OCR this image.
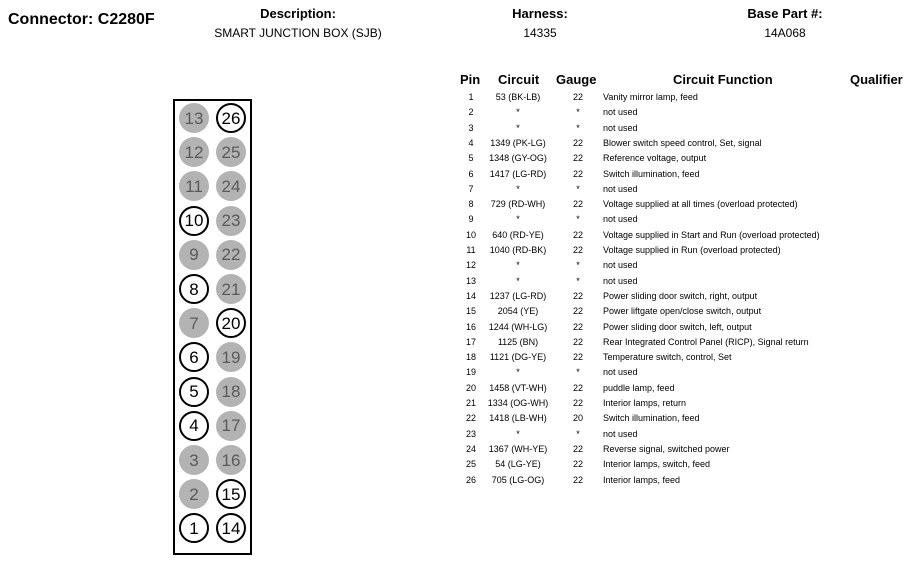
Connector: C2280F	Description:
SMART JUNCTION BOX (SJB)
Harness:
14335
Base Part #:
14A068
13
12
11
10
9
8
7
6
5
4
3
2
1
26
25
24
23
22
21
20
19
18
17
16
15
14
Pin Circuit Gauge	Circuit Function	Qualifier
1	53 (BK-LB)	22	Vanity mirror lamp, feed
2	*	*	not used
3	*	*	not used
4	1349 (PK-LG)	22	Blower switch speed control, Set, signal
5	1348 (GY-OG)	22	Reference voltage, output
6	1417 (LG-RD)	22	Switch illumination, feed
7	*	*	not used
8	729 (RD-WH)	22	Voltage supplied at all times (overload protected)
9	*	*	not used
10	640 (RD-YE)	22	Voltage supplied in Start and Run (overload protected)
11	1040 (RD-BK)	22	Voltage supplied in Run (overload protected)
12	*	*	not used
13	*	*	not used
14	1237 (LG-RD)	22	Power sliding door switch, right, output
15	2054 (YE)	22	Power liftgate open/close switch, output
16	1244 (WH-LG)	22	Power sliding door switch, left, output
17	1125 (BN)	22	Rear Integrated Control Panel (RICP), Signal return
18	1121 (DG-YE)	22	Temperature switch, control, Set
19	*	*	not used
20	1458 (VT-WH)	22	puddle lamp, feed
21	1334 (OG-WH)	22	Interior lamps, return
22	1418 (LB-WH)	20	Switch illumination, feed
23	*	*	not used
24	1367 (WH-YE)	22	Reverse signal, switched power
25	54 (LG-YE)	22	Interior lamps, switch, feed
26	705 (LG-OG)	22	Interior lamps, feed
